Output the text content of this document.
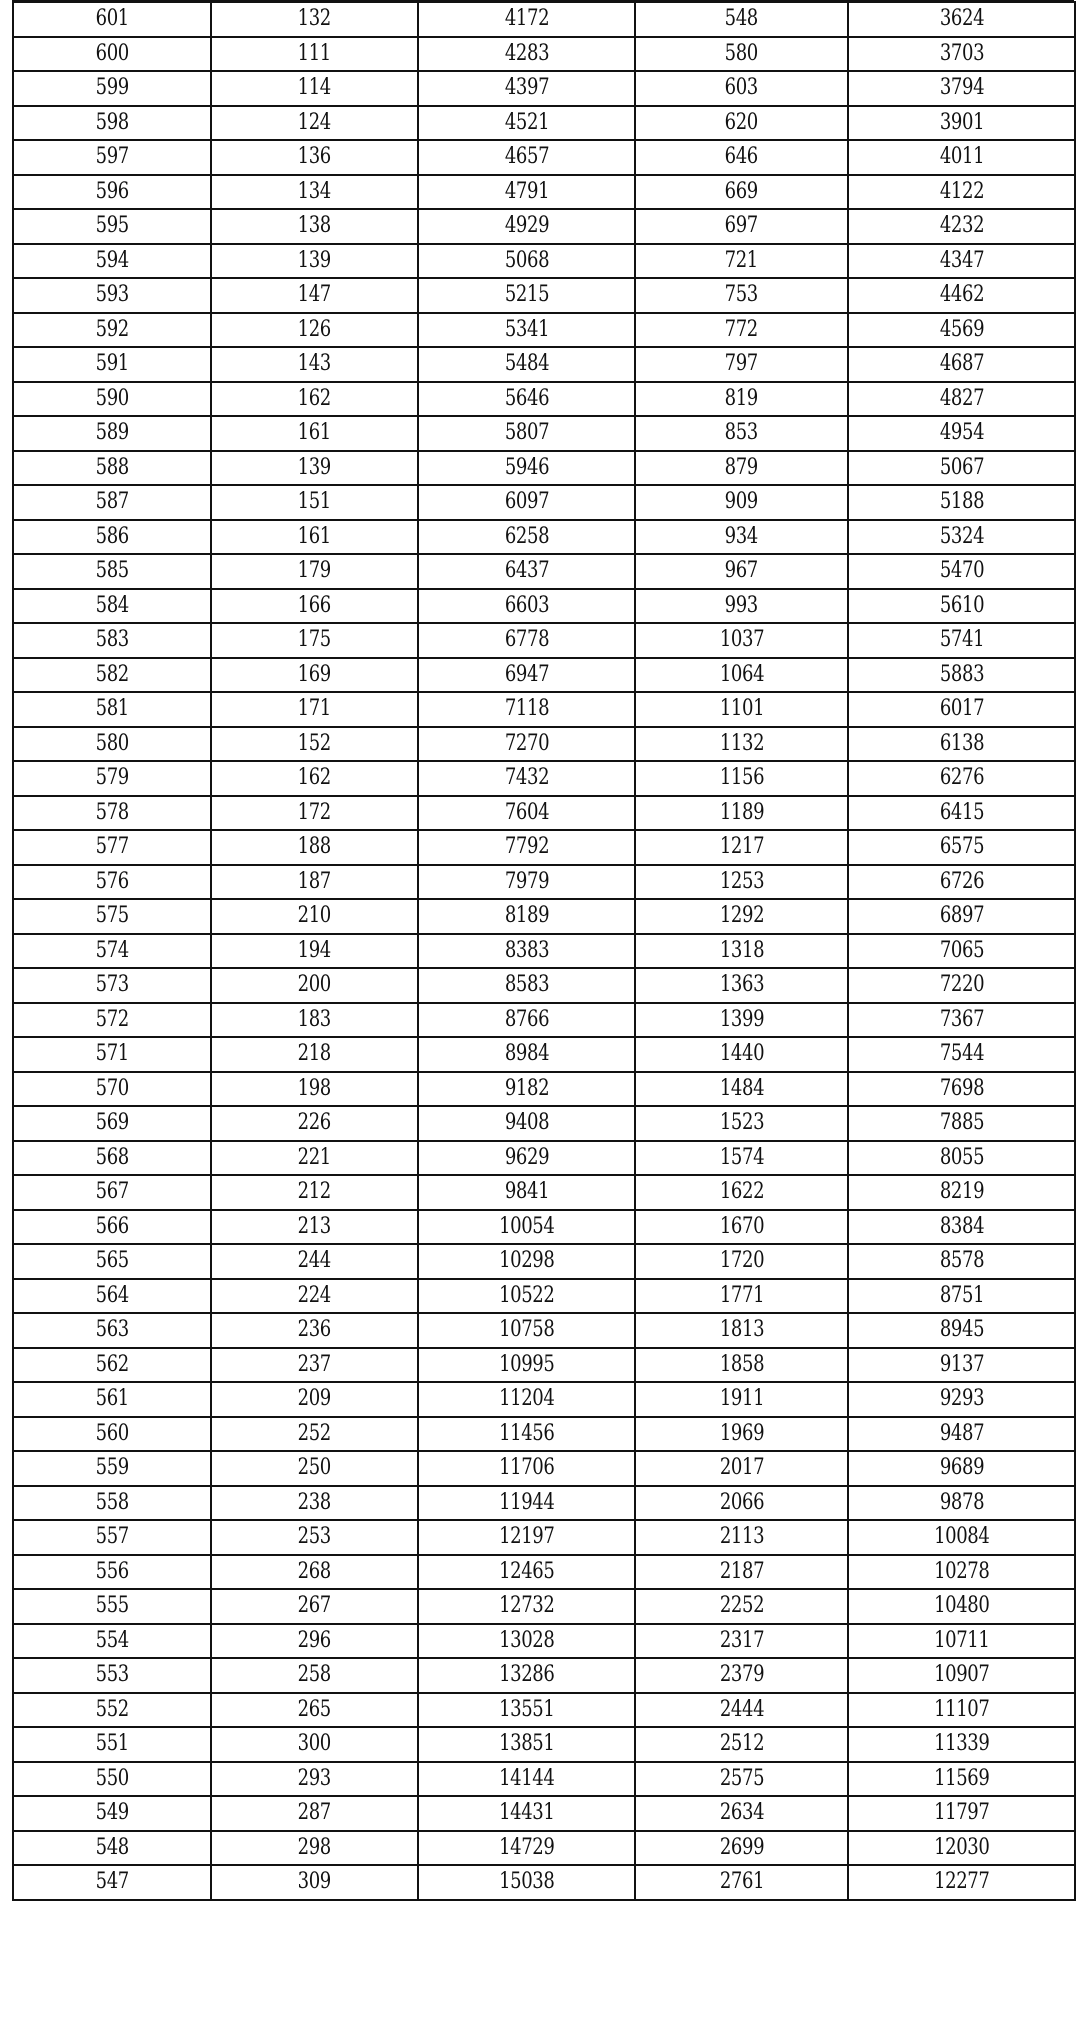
601	132	4172	548	3624
600	111	4283	580	3703
599	114	4397	603	3794
598	124	4521	620	3901
597	136	4657	646	4011
596	134	4791	669	4122
595	138	4929	697	4232
594	139	5068	721	4347
593	147	5215	753	4462
592	126	5341	772	4569
591	143	5484	797	4687
590	162	5646	819	4827
589	161	5807	853	4954
588	139	5946	879	5067
587	151	6097	909	5188
586	161	6258	934	5324
585	179	6437	967	5470
584	166	6603	993	5610
583	175	6778	1037	5741
582	169	6947	1064	5883
581	171	7118	1101	6017
580	152	7270	1132	6138
579	162	7432	1156	6276
578	172	7604	1189	6415
577	188	7792	1217	6575
576	187	7979	1253	6726
575	210	8189	1292	6897
574	194	8383	1318	7065
573	200	8583	1363	7220
572	183	8766	1399	7367
571	218	8984	1440	7544
570	198	9182	1484	7698
569	226	9408	1523	7885
568	221	9629	1574	8055
567	212	9841	1622	8219
566	213	10054	1670	8384
565	244	10298	1720	8578
564	224	10522	1771	8751
563	236	10758	1813	8945
562	237	10995	1858	9137
561	209	11204	1911	9293
560	252	11456	1969	9487
559	250	11706	2017	9689
558	238	11944	2066	9878
557	253	12197	2113	10084
556	268	12465	2187	10278
555	267	12732	2252	10480
554	296	13028	2317	10711
553	258	13286	2379	10907
552	265	13551	2444	11107
551	300	13851	2512	11339
550	293	14144	2575	11569
549	287	14431	2634	11797
548	298	14729	2699	12030
547	309	15038	2761	12277
